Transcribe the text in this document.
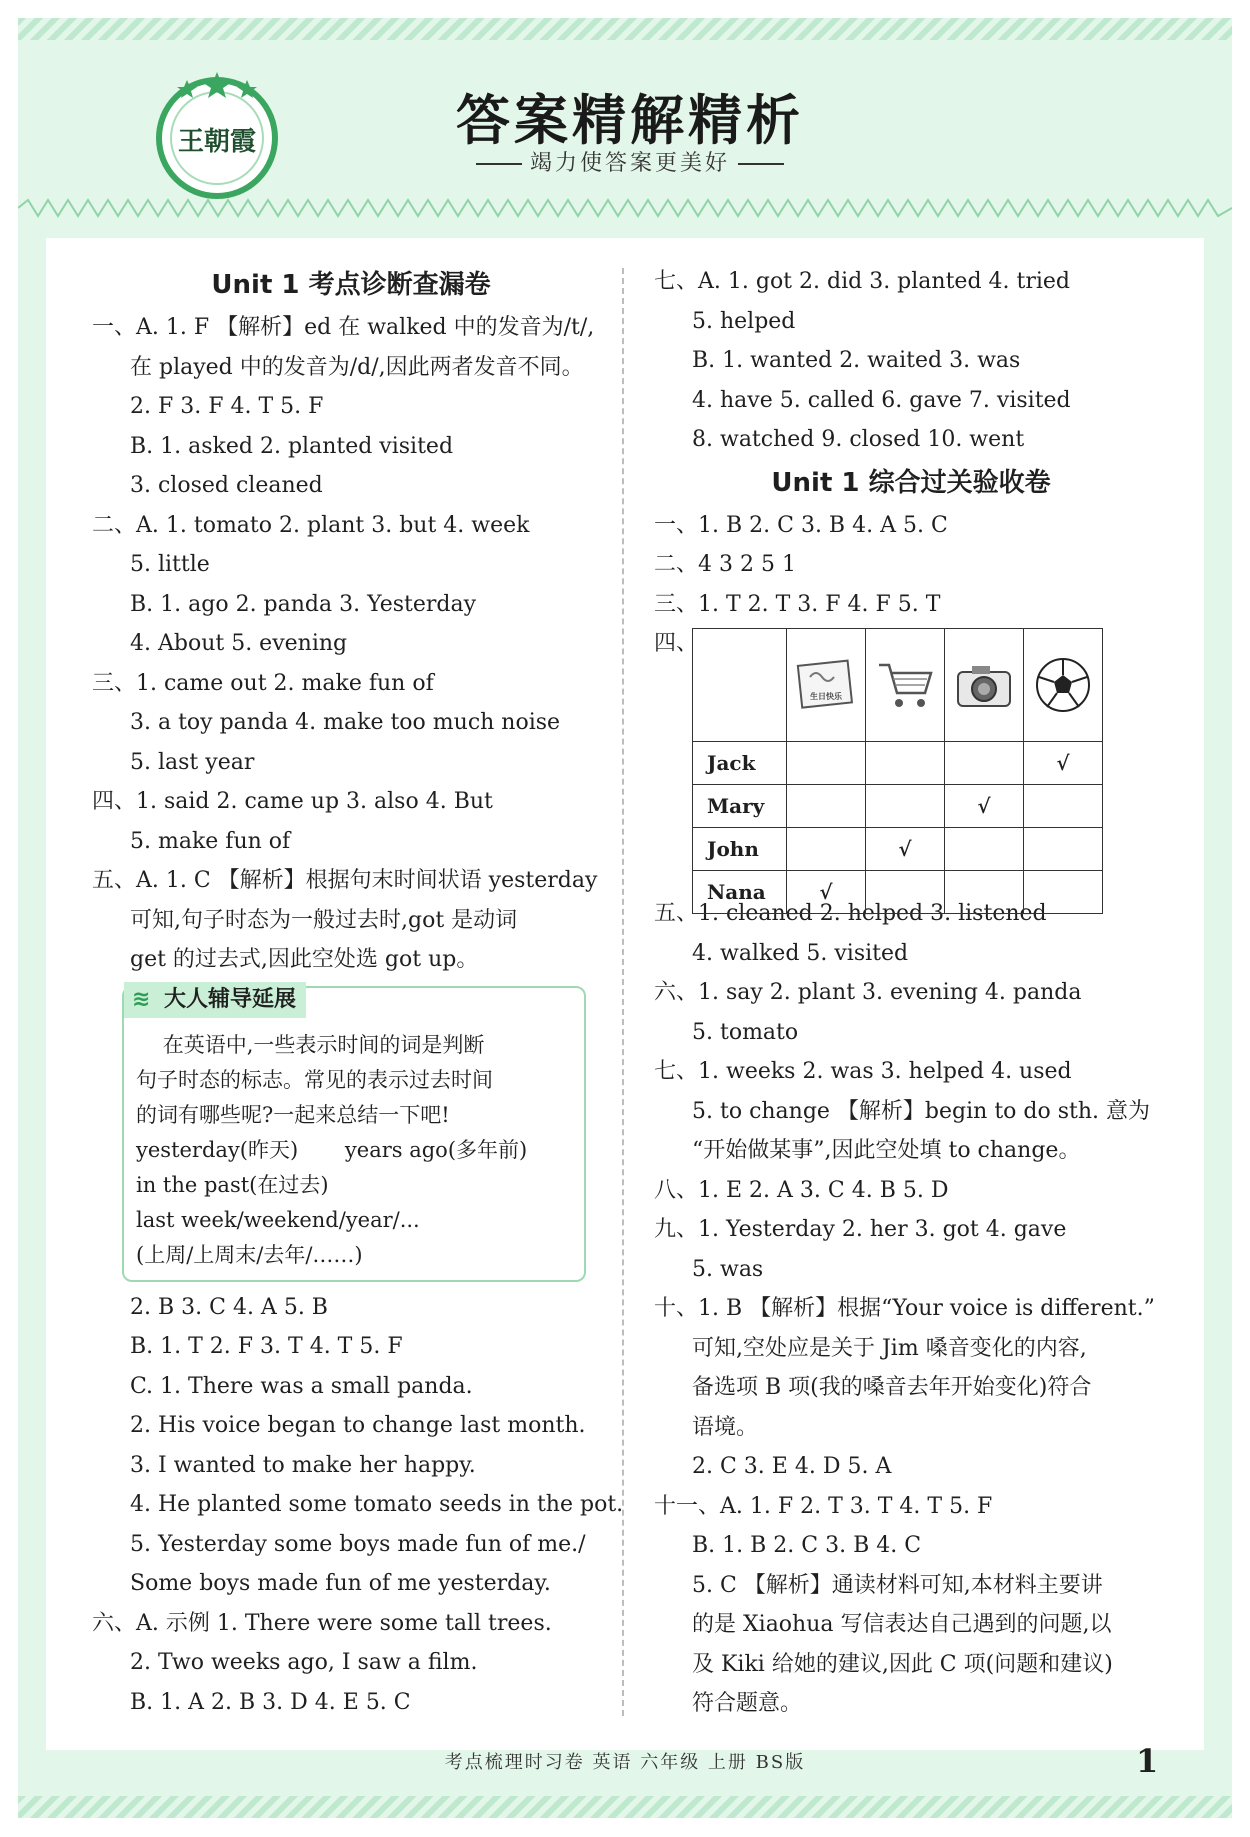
王朝霞	答案精解精析
竭力使答案更美好
Unit 1 考点诊断查漏卷
一、A. 1. F 【解析】ed 在 walked 中的发音为/t/,
在 played 中的发音为/d/,因此两者发音不同。
2. F 3. F 4. T 5. F
B. 1. asked 2. planted visited
3. closed cleaned
二、A. 1. tomato 2. plant 3. but 4. week
5. little
B. 1. ago 2. panda 3. Yesterday
4. About 5. evening
三、1. came out 2. make fun of
3. a toy panda 4. make too much noise
5. last year
四、1. said 2. came up 3. also 4. But
5. make fun of
五、A. 1. C 【解析】根据句末时间状语 yesterday
可知,句子时态为一般过去时,got 是动词
get 的过去式,因此空处选 got up。
≋ 大人辅导延展
在英语中,一些表示时间的词是判断
句子时态的标志。常见的表示过去时间
的词有哪些呢?一起来总结一下吧!
yesterday(昨天)       years ago(多年前)
in the past(在过去)
last week/weekend/year/...
(上周/上周末/去年/……)
2. B 3. C 4. A 5. B
B. 1. T 2. F 3. T 4. T 5. F
C. 1. There was a small panda.
2. His voice began to change last month.
3. I wanted to make her happy.
4. He planted some tomato seeds in the pot.
5. Yesterday some boys made fun of me./
Some boys made fun of me yesterday.
六、A. 示例 1. There were some tall trees.
2. Two weeks ago, I saw a film.
B. 1. A 2. B 3. D 4. E 5. C
七、A. 1. got 2. did 3. planted 4. tried
5. helped
B. 1. wanted 2. waited 3. was
4. have 5. called 6. gave 7. visited
8. watched 9. closed 10. went
Unit 1 综合过关验收卷
一、1. B 2. C 3. B 4. A 5. C
二、4 3 2 5 1
三、1. T 2. T 3. F 4. F 5. T
四、

生日快乐

Jack				√
Mary			√	
John		√		
Nana	√			
五、1. cleaned 2. helped 3. listened
4. walked 5. visited
六、1. say 2. plant 3. evening 4. panda
5. tomato
七、1. weeks 2. was 3. helped 4. used
5. to change 【解析】begin to do sth. 意为
“开始做某事”,因此空处填 to change。
八、1. E 2. A 3. C 4. B 5. D
九、1. Yesterday 2. her 3. got 4. gave
5. was
十、1. B 【解析】根据“Your voice is different.”
可知,空处应是关于 Jim 嗓音变化的内容,
备选项 B 项(我的嗓音去年开始变化)符合
语境。
2. C 3. E 4. D 5. A
十一、A. 1. F 2. T 3. T 4. T 5. F
B. 1. B 2. C 3. B 4. C
5. C 【解析】通读材料可知,本材料主要讲
的是 Xiaohua 写信表达自己遇到的问题,以
及 Kiki 给她的建议,因此 C 项(问题和建议)
符合题意。
考点梳理时习卷 英语 六年级 上册 BS版	1
